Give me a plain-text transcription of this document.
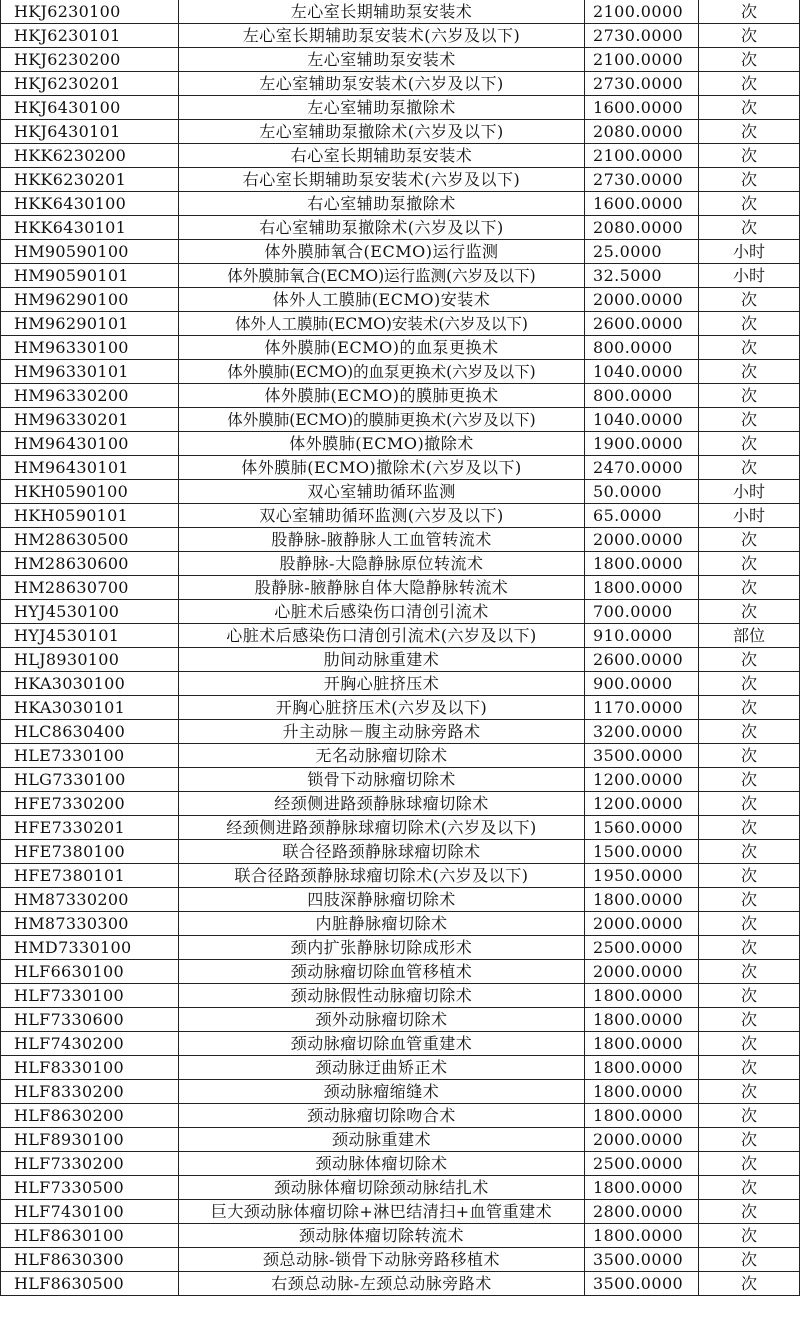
HKJ6230100	左心室长期辅助泵安装术	2100.0000	次
HKJ6230101	左心室长期辅助泵安装术(六岁及以下)	2730.0000	次
HKJ6230200	左心室辅助泵安装术	2100.0000	次
HKJ6230201	左心室辅助泵安装术(六岁及以下)	2730.0000	次
HKJ6430100	左心室辅助泵撤除术	1600.0000	次
HKJ6430101	左心室辅助泵撤除术(六岁及以下)	2080.0000	次
HKK6230200	右心室长期辅助泵安装术	2100.0000	次
HKK6230201	右心室长期辅助泵安装术(六岁及以下)	2730.0000	次
HKK6430100	右心室辅助泵撤除术	1600.0000	次
HKK6430101	右心室辅助泵撤除术(六岁及以下)	2080.0000	次
HM90590100	体外膜肺氧合(ECMO)运行监测	25.0000	小时
HM90590101	体外膜肺氧合(ECMO)运行监测(六岁及以下)	32.5000	小时
HM96290100	体外人工膜肺(ECMO)安装术	2000.0000	次
HM96290101	体外人工膜肺(ECMO)安装术(六岁及以下)	2600.0000	次
HM96330100	体外膜肺(ECMO)的血泵更换术	800.0000	次
HM96330101	体外膜肺(ECMO)的血泵更换术(六岁及以下)	1040.0000	次
HM96330200	体外膜肺(ECMO)的膜肺更换术	800.0000	次
HM96330201	体外膜肺(ECMO)的膜肺更换术(六岁及以下)	1040.0000	次
HM96430100	体外膜肺(ECMO)撤除术	1900.0000	次
HM96430101	体外膜肺(ECMO)撤除术(六岁及以下)	2470.0000	次
HKH0590100	双心室辅助循环监测	50.0000	小时
HKH0590101	双心室辅助循环监测(六岁及以下)	65.0000	小时
HM28630500	股静脉-腋静脉人工血管转流术	2000.0000	次
HM28630600	股静脉-大隐静脉原位转流术	1800.0000	次
HM28630700	股静脉-腋静脉自体大隐静脉转流术	1800.0000	次
HYJ4530100	心脏术后感染伤口清创引流术	700.0000	次
HYJ4530101	心脏术后感染伤口清创引流术(六岁及以下)	910.0000	部位
HLJ8930100	肋间动脉重建术	2600.0000	次
HKA3030100	开胸心脏挤压术	900.0000	次
HKA3030101	开胸心脏挤压术(六岁及以下)	1170.0000	次
HLC8630400	升主动脉－腹主动脉旁路术	3200.0000	次
HLE7330100	无名动脉瘤切除术	3500.0000	次
HLG7330100	锁骨下动脉瘤切除术	1200.0000	次
HFE7330200	经颈侧进路颈静脉球瘤切除术	1200.0000	次
HFE7330201	经颈侧进路颈静脉球瘤切除术(六岁及以下)	1560.0000	次
HFE7380100	联合径路颈静脉球瘤切除术	1500.0000	次
HFE7380101	联合径路颈静脉球瘤切除术(六岁及以下)	1950.0000	次
HM87330200	四肢深静脉瘤切除术	1800.0000	次
HM87330300	内脏静脉瘤切除术	2000.0000	次
HMD7330100	颈内扩张静脉切除成形术	2500.0000	次
HLF6630100	颈动脉瘤切除血管移植术	2000.0000	次
HLF7330100	颈动脉假性动脉瘤切除术	1800.0000	次
HLF7330600	颈外动脉瘤切除术	1800.0000	次
HLF7430200	颈动脉瘤切除血管重建术	1800.0000	次
HLF8330100	颈动脉迂曲矫正术	1800.0000	次
HLF8330200	颈动脉瘤缩缝术	1800.0000	次
HLF8630200	颈动脉瘤切除吻合术	1800.0000	次
HLF8930100	颈动脉重建术	2000.0000	次
HLF7330200	颈动脉体瘤切除术	2500.0000	次
HLF7330500	颈动脉体瘤切除颈动脉结扎术	1800.0000	次
HLF7430100	巨大颈动脉体瘤切除+淋巴结清扫+血管重建术	2800.0000	次
HLF8630100	颈动脉体瘤切除转流术	1800.0000	次
HLF8630300	颈总动脉-锁骨下动脉旁路移植术	3500.0000	次
HLF8630500	右颈总动脉-左颈总动脉旁路术	3500.0000	次
